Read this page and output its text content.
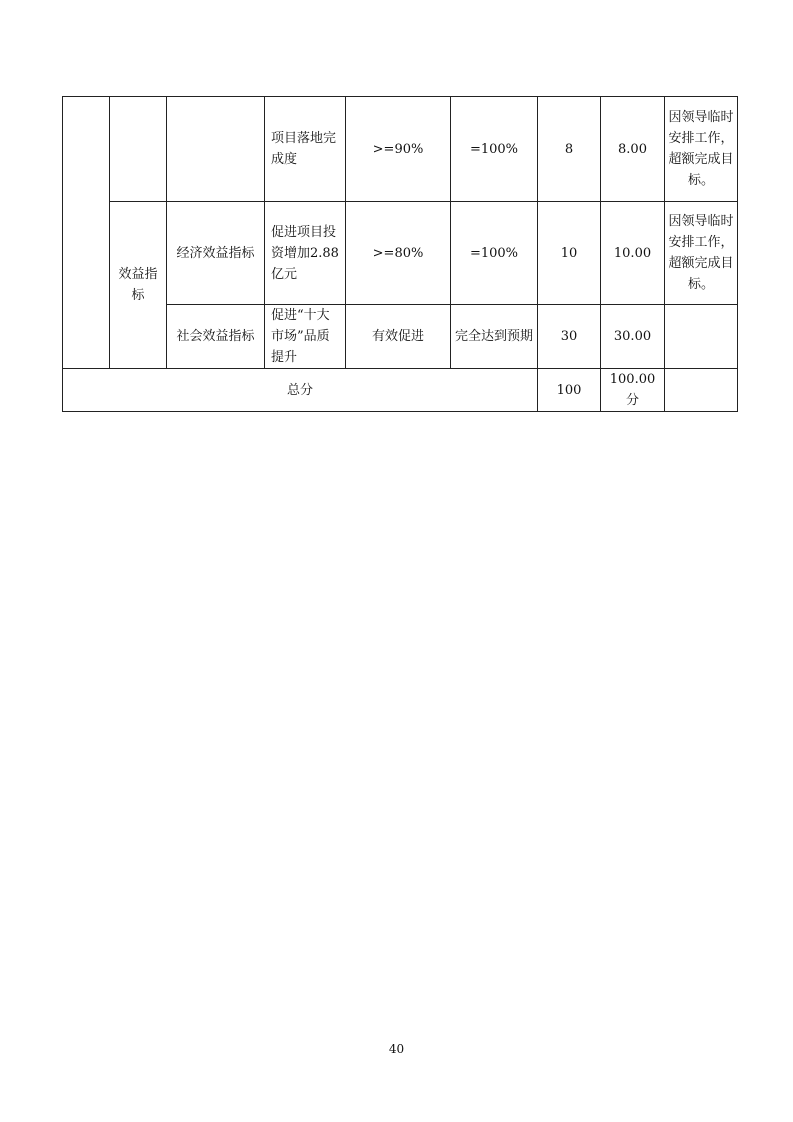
			项目落地完成度	>=90%	=100%	8	8.00	因领导临时安排工作，超额完成目标。
	效益指标	经济效益指标	促进项目投资增加2.88亿元	>=80%	=100%	10	10.00	因领导临时安排工作，超额完成目标。
		社会效益指标	促进“十大市场”品质提升	有效促进	完全达到预期	30	30.00	
总分						100	100.00分	
40
